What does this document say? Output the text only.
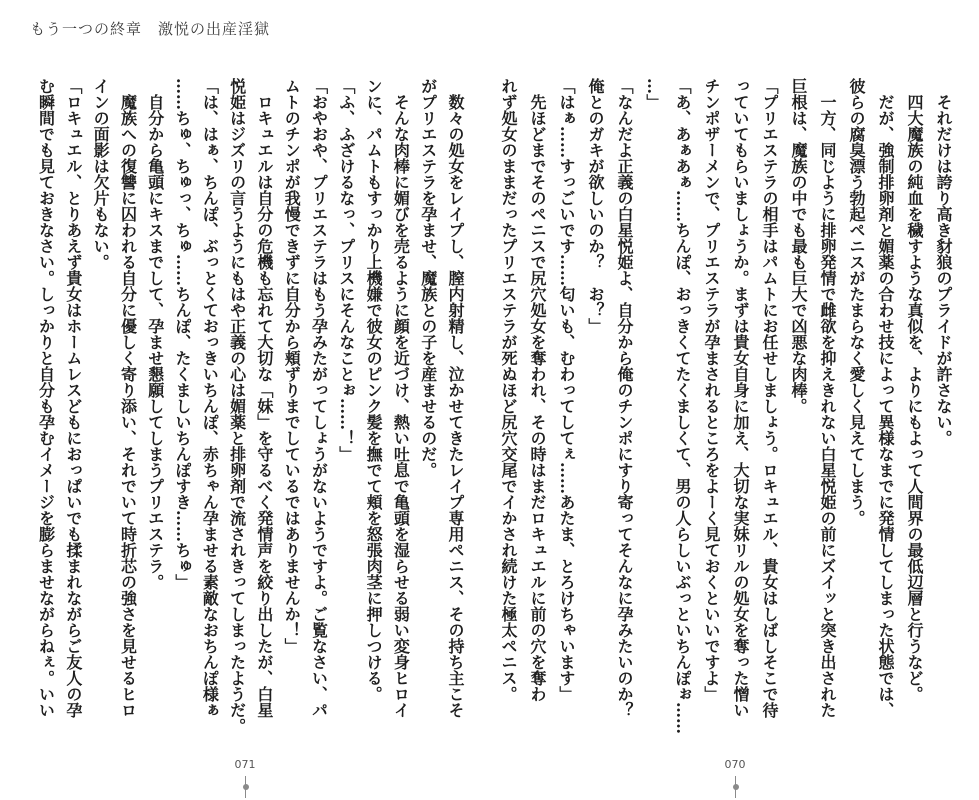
もう一つの終章　激悦の出産淫獄
それだけは誇り高き豺狼のプライドが許さない。
四大魔族の純血を穢すような真似を、よりにもよって人間界の最低辺層と行うなど。
だが、強制排卵剤と媚薬の合わせ技によって異様なまでに発情してしまった状態では、
彼らの腐臭漂う勃起ペニスがたまらなく愛しく見えてしまう。
一方、同じように排卵発情で雌欲を抑えきれない白星悦姫の前にズイッと突き出された
巨根は、魔族の中でも最も巨大で凶悪な肉棒。
「プリエステラの相手はパムトにお任せしましょう。ロキュエル、貴女はしばしそこで待
っていてもらいましょうか。まずは貴女自身に加え、大切な実妹リルの処女を奪った憎い
チンポザーメンで、プリエステラが孕まされるところをよーく見ておくといいですよ」
「あ、あぁあぁ……ちんぽ、おっきくてたくましくて、男の人らしいぶっといちんぽぉ……
…」
「なんだよ正義の白星悦姫よ、自分から俺のチンポにすり寄ってそんなに孕みたいのか？
俺とのガキが欲しいのか？　お？」
「はぁ……すっごいです……匂いも、むわってしてぇ……あたま、とろけちゃいます」
先ほどまでそのペニスで尻穴処女を奪われ、その時はまだロキュエルに前の穴を奪わ
れず処女のままだったプリエステラが死ぬほど尻穴交尾でイかされ続けた極太ペニス。
数々の処女をレイプし、膣内射精し、泣かせてきたレイプ専用ペニス、その持ち主こそ
がプリエステラを孕ませ、魔族との子を産ませるのだ。
そんな肉棒に媚びを売るように顔を近づけ、熱い吐息で亀頭を湿らせる弱い変身ヒロイ
ンに、パムトもすっかり上機嫌で彼女のピンク髪を撫でて頬を怒張肉茎に押しつける。
「ふ、ふざけるなっ、プリスにそんなことぉ……！」
「おやおや、プリエステラはもう孕みたがってしょうがないようですよ。ご覧なさい、パ
ムトのチンポが我慢できずに自分から頬ずりまでしているではありませんか！」
ロキュエルは自分の危機も忘れて大切な「妹」を守るべく発情声を絞り出したが、白星
悦姫はジズリの言うようにもはや正義の心は媚薬と排卵剤で流されきってしまったようだ。
「は、はぁ、ちんぽ、ぶっとくておっきいちんぽ、赤ちゃん孕ませる素敵なおちんぽ様ぁ
……ちゅ、ちゅっ、ちゅ……ちんぽ、たくましいちんぽすき……ちゅ」
自分から亀頭にキスまでして、孕ませ懇願してしまうプリエステラ。
魔族への復讐に囚われる自分に優しく寄り添い、それでいて時折芯の強さを見せるヒロ
インの面影は欠片もない。
「ロキュエル、とりあえず貴女はホームレスどもにおっぱいでも揉まれながらご友人の孕
む瞬間でも見ておきなさい。しっかりと自分も孕むイメージを膨らませながらねぇ。いい
071	070
